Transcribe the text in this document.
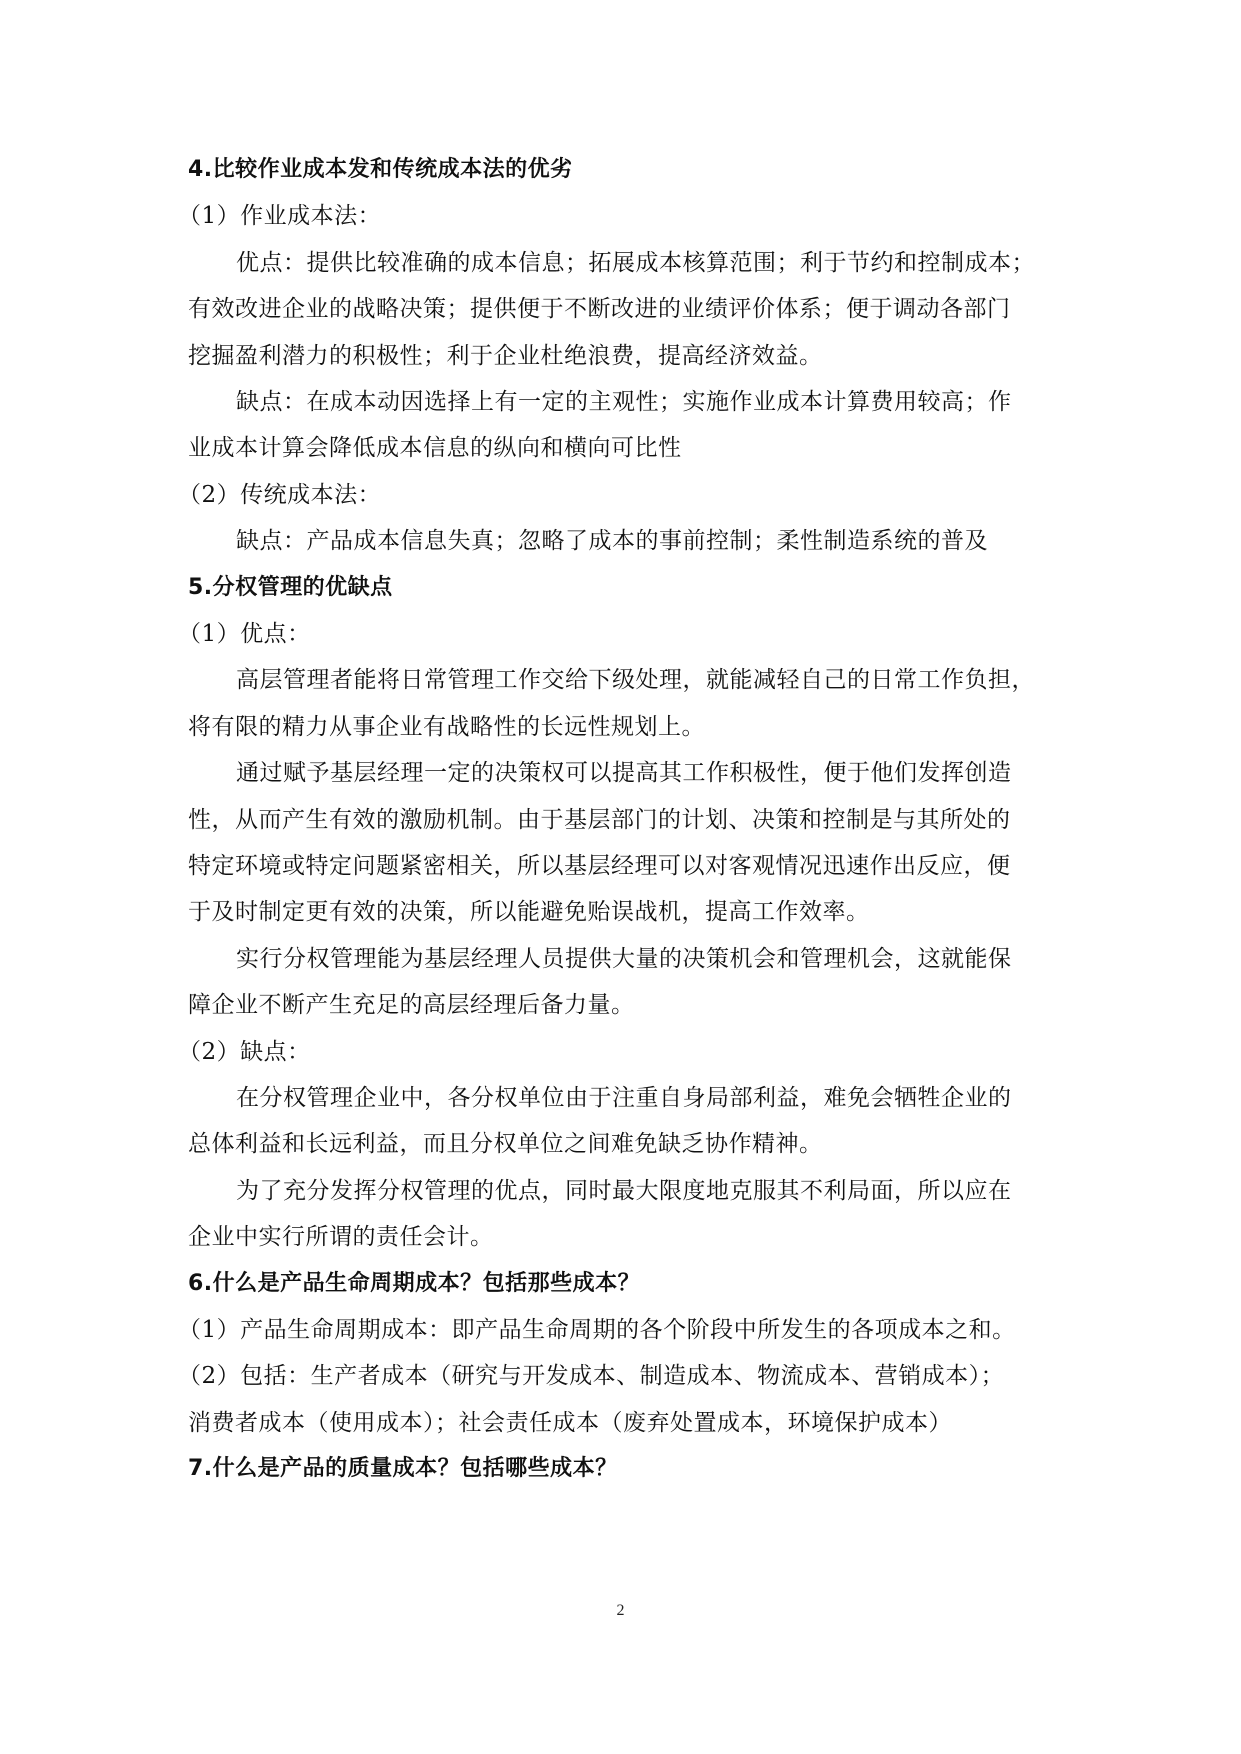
4.比较作业成本发和传统成本法的优劣
（1）作业成本法：
优点：提供比较准确的成本信息；拓展成本核算范围；利于节约和控制成本；
有效改进企业的战略决策；提供便于不断改进的业绩评价体系；便于调动各部门
挖掘盈利潜力的积极性；利于企业杜绝浪费，提高经济效益。
缺点：在成本动因选择上有一定的主观性；实施作业成本计算费用较高；作
业成本计算会降低成本信息的纵向和横向可比性
（2）传统成本法：
缺点：产品成本信息失真；忽略了成本的事前控制；柔性制造系统的普及
5.分权管理的优缺点
（1）优点：
高层管理者能将日常管理工作交给下级处理，就能减轻自己的日常工作负担，
将有限的精力从事企业有战略性的长远性规划上。
通过赋予基层经理一定的决策权可以提高其工作积极性，便于他们发挥创造
性，从而产生有效的激励机制。由于基层部门的计划、决策和控制是与其所处的
特定环境或特定问题紧密相关，所以基层经理可以对客观情况迅速作出反应，便
于及时制定更有效的决策，所以能避免贻误战机，提高工作效率。
实行分权管理能为基层经理人员提供大量的决策机会和管理机会，这就能保
障企业不断产生充足的高层经理后备力量。
（2）缺点：
在分权管理企业中，各分权单位由于注重自身局部利益，难免会牺牲企业的
总体利益和长远利益，而且分权单位之间难免缺乏协作精神。
为了充分发挥分权管理的优点，同时最大限度地克服其不利局面，所以应在
企业中实行所谓的责任会计。
6.什么是产品生命周期成本？包括那些成本？
（1）产品生命周期成本：即产品生命周期的各个阶段中所发生的各项成本之和。
（2）包括：生产者成本（研究与开发成本、制造成本、物流成本、营销成本）；
消费者成本（使用成本）；社会责任成本（废弃处置成本，环境保护成本）
7.什么是产品的质量成本？包括哪些成本？
2
